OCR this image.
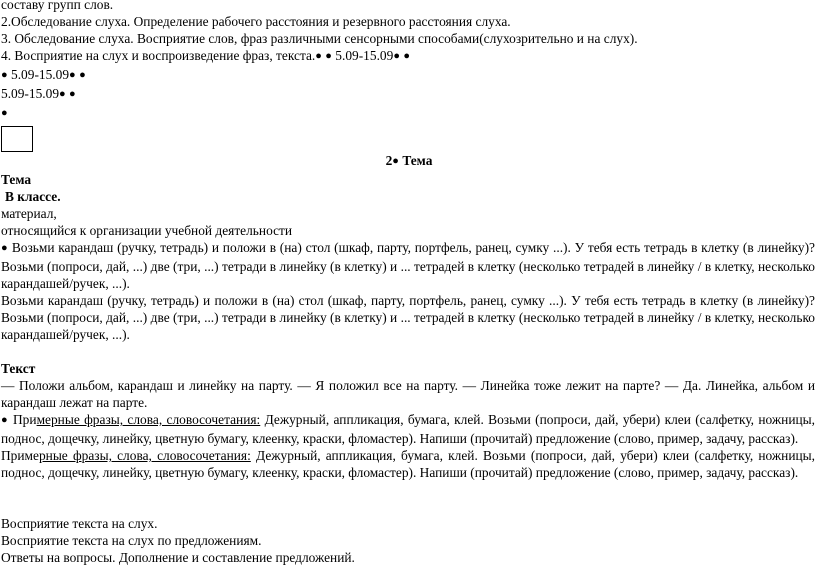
составу групп слов.
2.Обследование слуха. Определение рабочего расстояния и резервного расстояния слуха.
3. Обследование слуха. Восприятие слов, фраз различными сенсорными способами(слухозрительно и на слух).
4. Восприятие на слух и воспроизведение фраз, текста.● ● 5.09-15.09● ●
● 5.09-15.09● ●
5.09-15.09● ●
●
2● Тема
Тема
В классе.
материал,
относящийся к организации учебной деятельности
● Возьми карандаш (ручку, тетрадь) и положи в (на) стол (шкаф, парту, портфель, ранец, сумку ...). У тебя есть тетрадь в клетку (в линейку)? Возьми (попроси, дай, ...) две (три, ...) тетради в линейку (в клетку) и ... тетрадей в клетку (несколько тетрадей в линейку / в клетку, несколько карандашей/ручек, ...).
Возьми карандаш (ручку, тетрадь) и положи в (на) стол (шкаф, парту, портфель, ранец, сумку ...). У тебя есть тетрадь в клетку (в линейку)? Возьми (попроси, дай, ...) две (три, ...) тетради в линейку (в клетку) и ... тетрадей в клетку (несколько тетрадей в линейку / в клетку, несколько карандашей/ручек, ...).
Текст
— Положи альбом, карандаш и линейку на парту. — Я положил все на парту. — Линейка тоже лежит на парте? — Да. Линейка, альбом и карандаш лежат на парте.
● Примерные фразы, слова, словосочетания: Дежурный, аппликация, бумага, клей. Возьми (попроси, дай, убери) клеи (салфетку, ножницы, поднос, дощечку, линейку, цветную бумагу, клеенку, краски, фломастер). Напиши (прочитай) предложение (слово, пример, задачу, рассказ).
Примерные фразы, слова, словосочетания: Дежурный, аппликация, бумага, клей. Возьми (попроси, дай, убери) клеи (салфетку, ножницы, поднос, дощечку, линейку, цветную бумагу, клеенку, краски, фломастер). Напиши (прочитай) предложение (слово, пример, задачу, рассказ).
Восприятие текста на слух.
Восприятие текста на слух по предложениям.
Ответы на вопросы. Дополнение и составление предложений.
